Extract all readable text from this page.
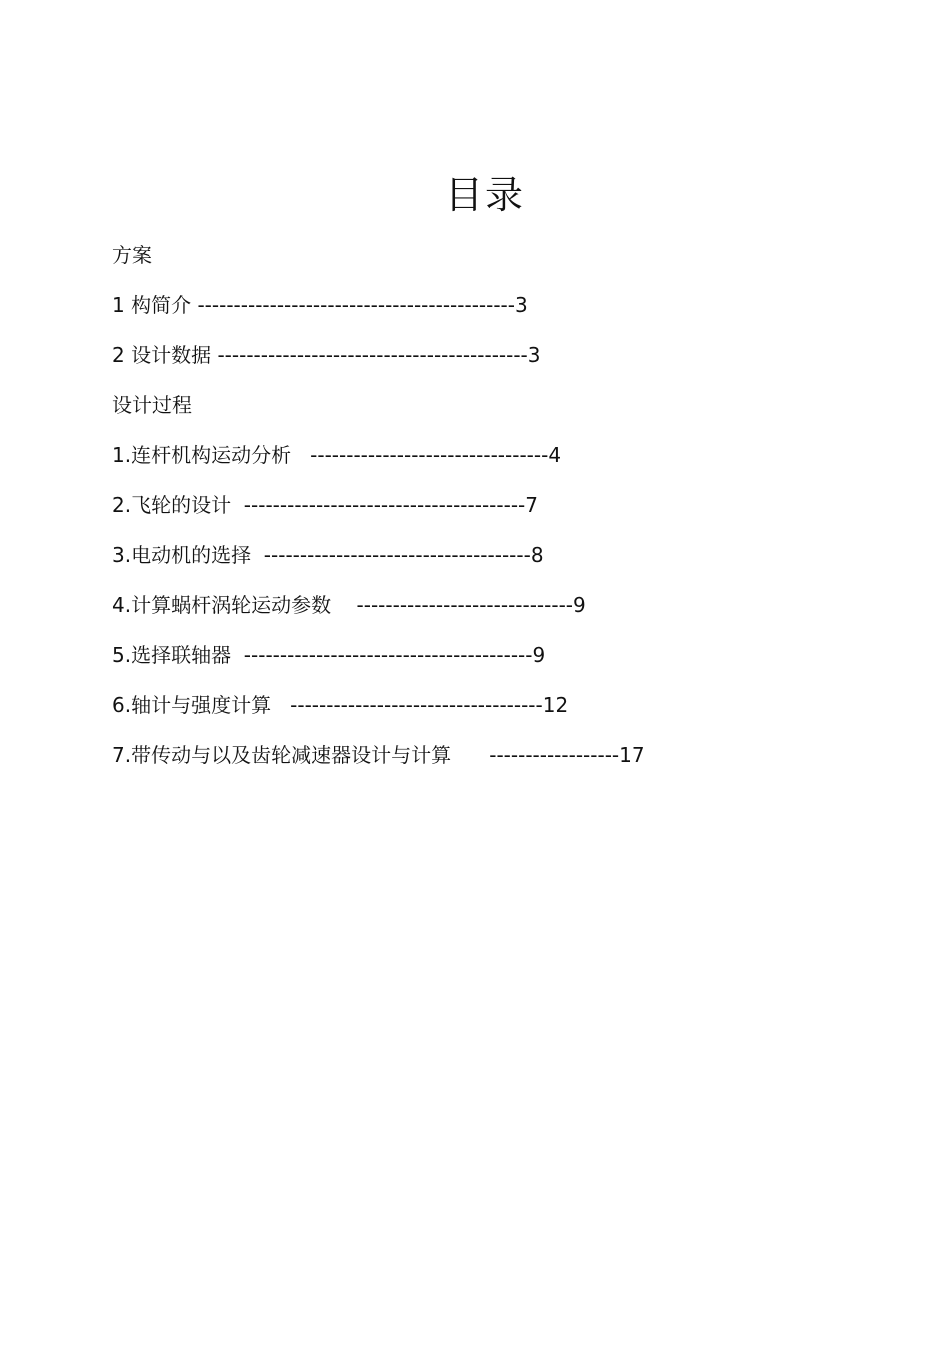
目录
方案
1 构简介 --------------------------------------------3
2 设计数据 -------------------------------------------3
设计过程
1.连杆机构运动分析   ---------------------------------4
2.飞轮的设计  ---------------------------------------7
3.电动机的选择  -------------------------------------8
4.计算蜗杆涡轮运动参数    ------------------------------9
5.选择联轴器  ----------------------------------------9
6.轴计与强度计算   -----------------------------------12
7.带传动与以及齿轮减速器设计与计算      ------------------17
